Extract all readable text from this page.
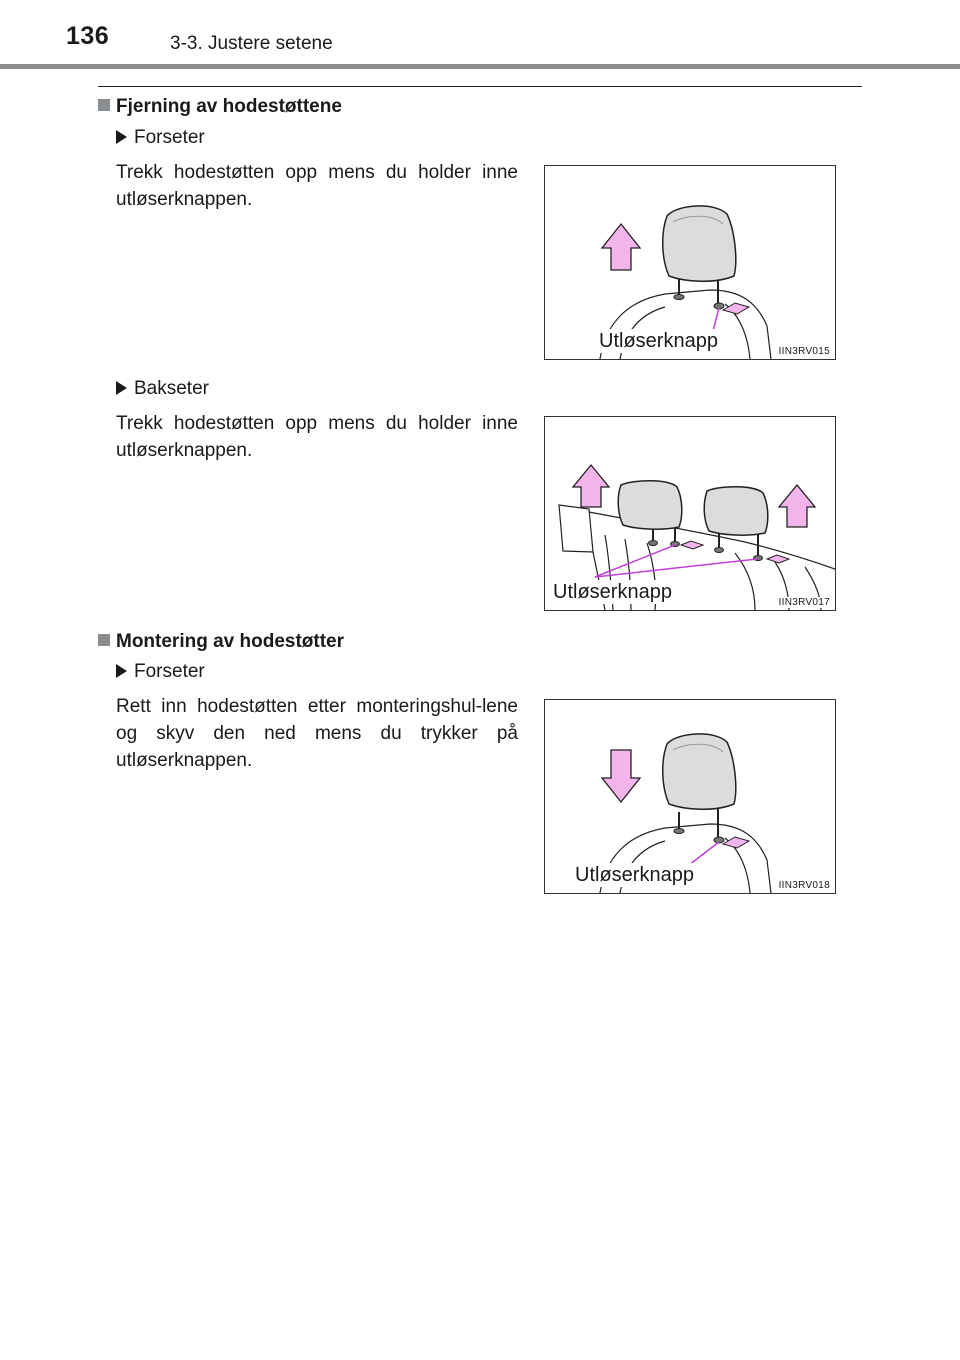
136	3-3. Justere setene
Fjerning av hodestøttene
Forseter
Trekk hodestøtten opp mens du holder inne utløserknappen.
Utløserknapp	IIN3RV015
Bakseter
Trekk hodestøtten opp mens du holder inne utløserknappen.
Utløserknapp	IIN3RV017
Montering av hodestøtter
Forseter
Rett inn hodestøtten etter monteringshul-lene og skyv den ned mens du trykker på utløserknappen.
Utløserknapp	IIN3RV018
